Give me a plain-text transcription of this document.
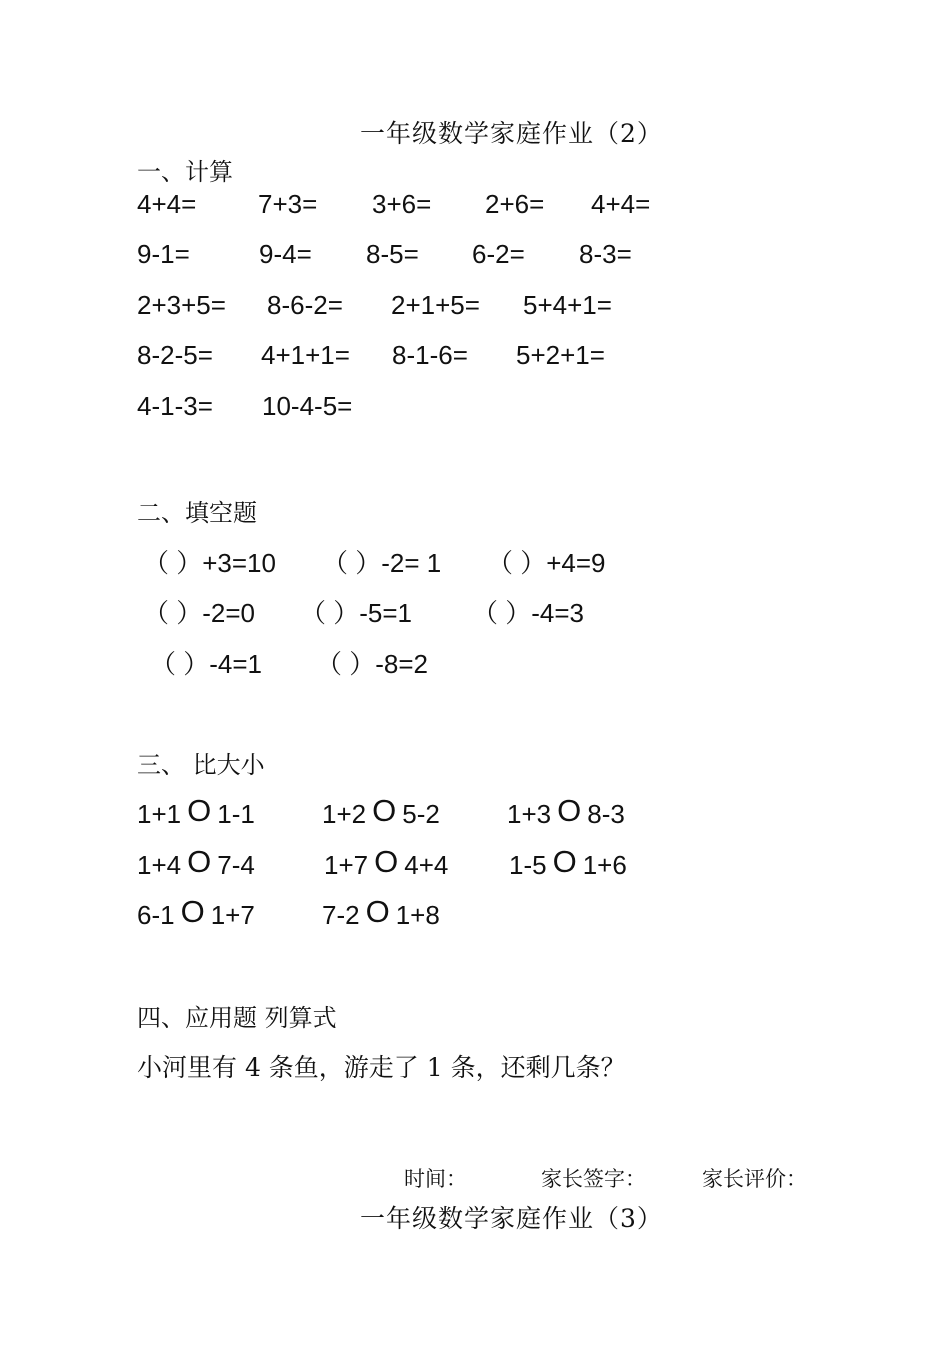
一年级数学家庭作业（2）
一、计算
4+4= 7+3= 3+6= 2+6= 4+4=
9-1=	9-4= 8-5= 6-2= 8-3=
2+3+5= 8-6-2= 2+1+5= 5+4+1=
8-2-5= 4+1+1= 8-1-6= 5+2+1=
4-1-3= 10-4-5=
二、填空题
（ ）+3=10 （ ）-2= 1 （ ）+4=9
（ ）-2=0 （ ）-5=1 （ ）-4=3
（ ）-4=1 （ ）-8=2
三、 比大小
1+1 O 1-1	1+2 O 5-2	1+3 O 8-3
1+4 O 7-4	1+7 O 4+4 1-5 O 1+6
6-1 O 1+7	7-2 O 1+8
四、应用题 列算式
小河里有 4 条鱼，游走了 1 条，还剩几条？
时间：	家长签字：	家长评价：
一年级数学家庭作业（3）
